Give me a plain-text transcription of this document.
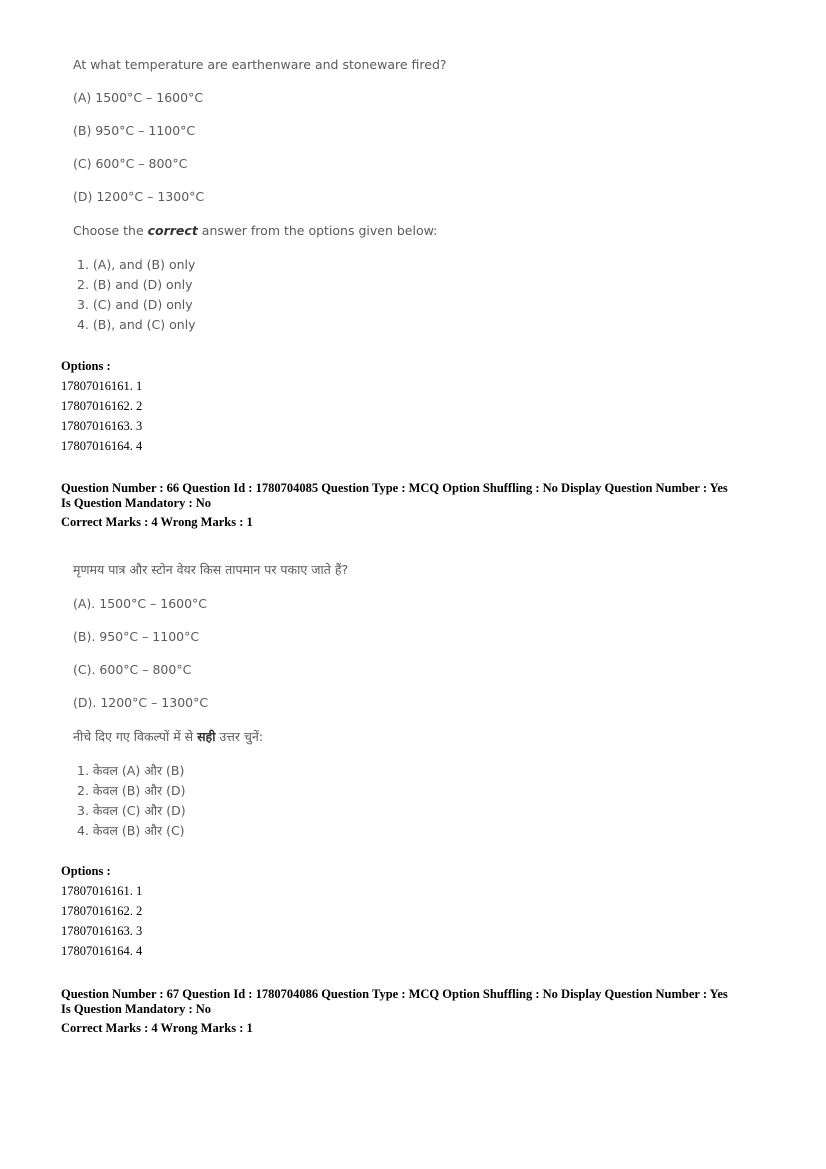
At what temperature are earthenware and stoneware fired?
(A) 1500°C – 1600°C
(B) 950°C – 1100°C
(C) 600°C – 800°C
(D) 1200°C – 1300°C
Choose the correct answer from the options given below:
1. (A), and (B) only
2. (B) and (D) only
3. (C) and (D) only
4. (B), and (C) only
Options :
17807016161. 1
17807016162. 2
17807016163. 3
17807016164. 4
Question Number : 66 Question Id : 1780704085 Question Type : MCQ Option Shuffling : No Display Question Number : Yes
Is Question Mandatory : No
Correct Marks : 4 Wrong Marks : 1
मृणमय पात्र और स्टोन वेयर किस तापमान पर पकाए जाते हैं?
(A). 1500°C – 1600°C
(B). 950°C – 1100°C
(C). 600°C – 800°C
(D). 1200°C – 1300°C
नीचे दिए गए विकल्पों में से सही उत्तर चुनें:
1. केवल (A) और (B)
2. केवल (B) और (D)
3. केवल (C) और (D)
4. केवल (B) और (C)
Options :
17807016161. 1
17807016162. 2
17807016163. 3
17807016164. 4
Question Number : 67 Question Id : 1780704086 Question Type : MCQ Option Shuffling : No Display Question Number : Yes
Is Question Mandatory : No
Correct Marks : 4 Wrong Marks : 1
